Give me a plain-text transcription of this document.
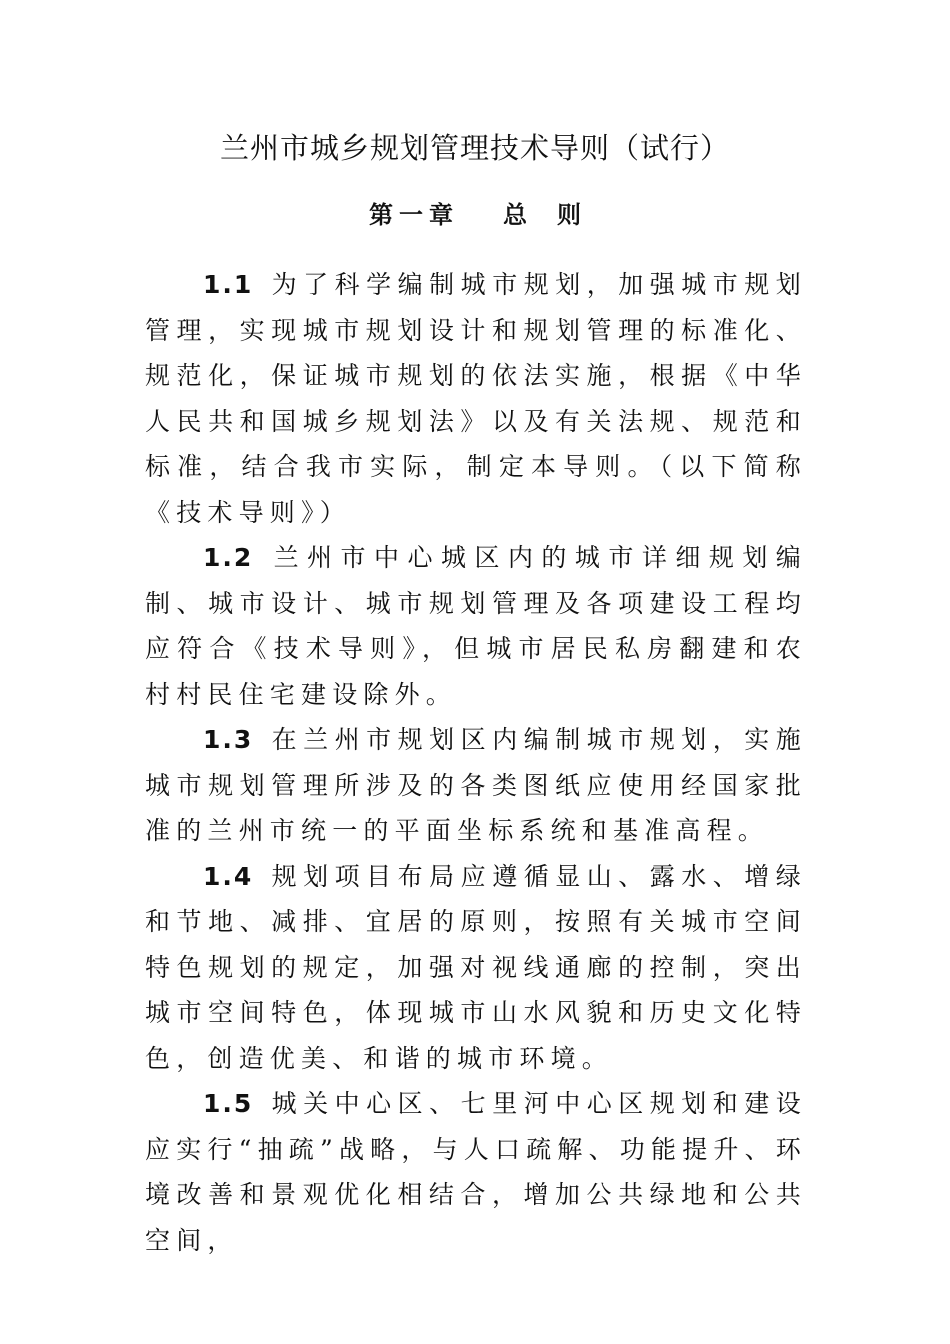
兰州市城乡规划管理技术导则（试行）
第一章 总则

1.1 为了科学编制城市规划，加强城市规划管理，实现城市规划设计和规划管理的标准化、规范化，保证城市规划的依法实施，根据《中华人民共和国城乡规划法》以及有关法规、规范和标准，结合我市实际，制定本导则。（以下简称《技术导则》）

1.2 兰州市中心城区内的城市详细规划编制、城市设计、城市规划管理及各项建设工程均应符合《技术导则》，但城市居民私房翻建和农村村民住宅建设除外。

1.3 在兰州市规划区内编制城市规划，实施城市规划管理所涉及的各类图纸应使用经国家批准的兰州市统一的平面坐标系统和基准高程。

1.4 规划项目布局应遵循显山、露水、增绿和节地、减排、宜居的原则，按照有关城市空间特色规划的规定，加强对视线通廊的控制，突出城市空间特色，体现城市山水风貌和历史文化特色，创造优美、和谐的城市环境。

1.5 城关中心区、七里河中心区规划和建设应实行“抽疏”战略，与人口疏解、功能提升、环境改善和景观优化相结合，增加公共绿地和公共空间，
